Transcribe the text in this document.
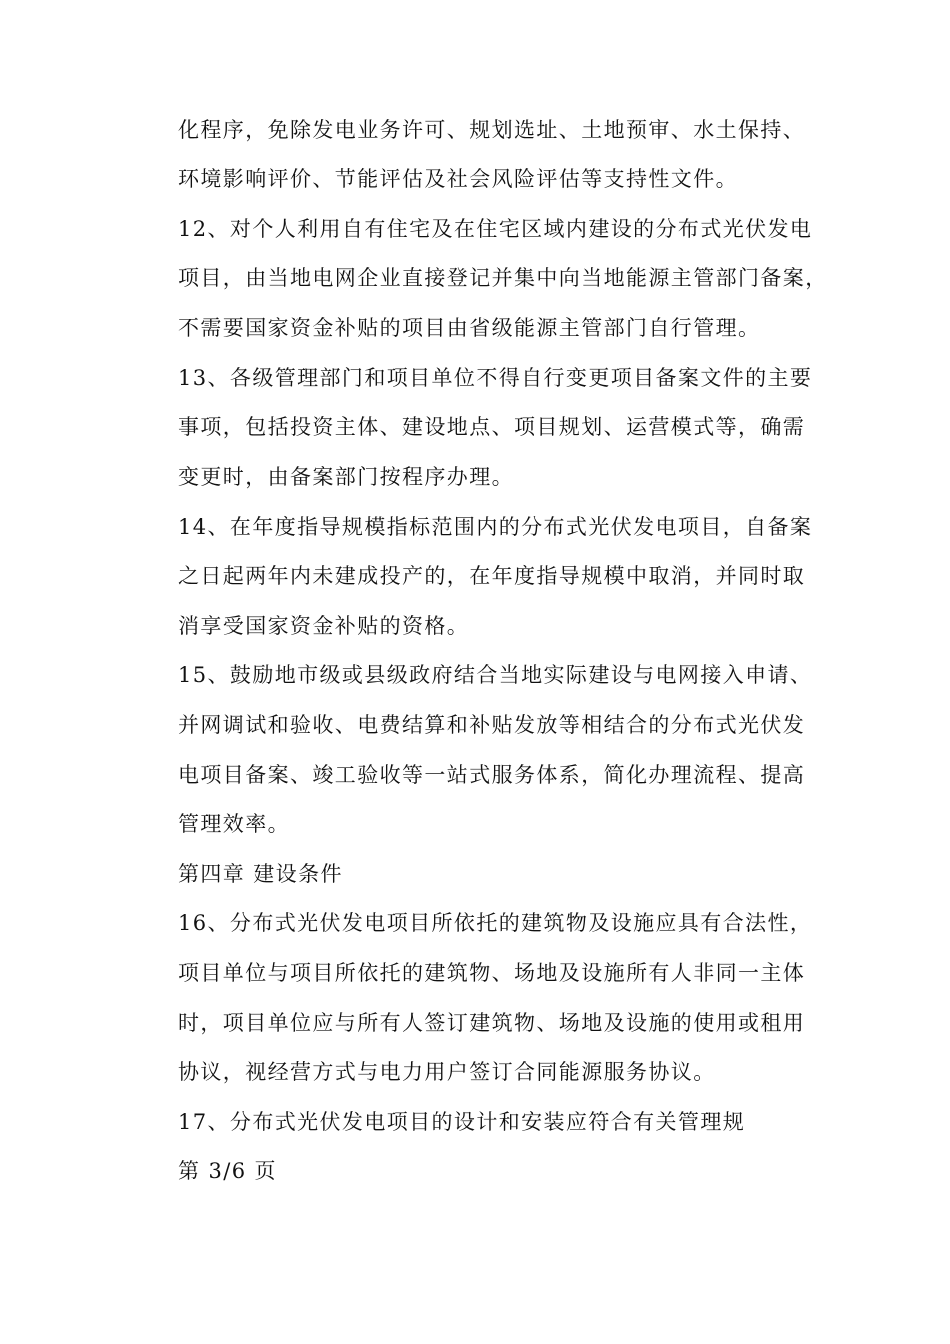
化程序，免除发电业务许可、规划选址、土地预审、水土保持、
环境影响评价、节能评估及社会风险评估等支持性文件。
12、对个人利用自有住宅及在住宅区域内建设的分布式光伏发电
项目，由当地电网企业直接登记并集中向当地能源主管部门备案，
不需要国家资金补贴的项目由省级能源主管部门自行管理。
13、各级管理部门和项目单位不得自行变更项目备案文件的主要
事项，包括投资主体、建设地点、项目规划、运营模式等，确需
变更时，由备案部门按程序办理。
14、在年度指导规模指标范围内的分布式光伏发电项目，自备案
之日起两年内未建成投产的，在年度指导规模中取消，并同时取
消享受国家资金补贴的资格。
15、鼓励地市级或县级政府结合当地实际建设与电网接入申请、
并网调试和验收、电费结算和补贴发放等相结合的分布式光伏发
电项目备案、竣工验收等一站式服务体系，简化办理流程、提高
管理效率。
第四章 建设条件
16、分布式光伏发电项目所依托的建筑物及设施应具有合法性，
项目单位与项目所依托的建筑物、场地及设施所有人非同一主体
时，项目单位应与所有人签订建筑物、场地及设施的使用或租用
协议，视经营方式与电力用户签订合同能源服务协议。
17、分布式光伏发电项目的设计和安装应符合有关管理规
第 3/6 页
